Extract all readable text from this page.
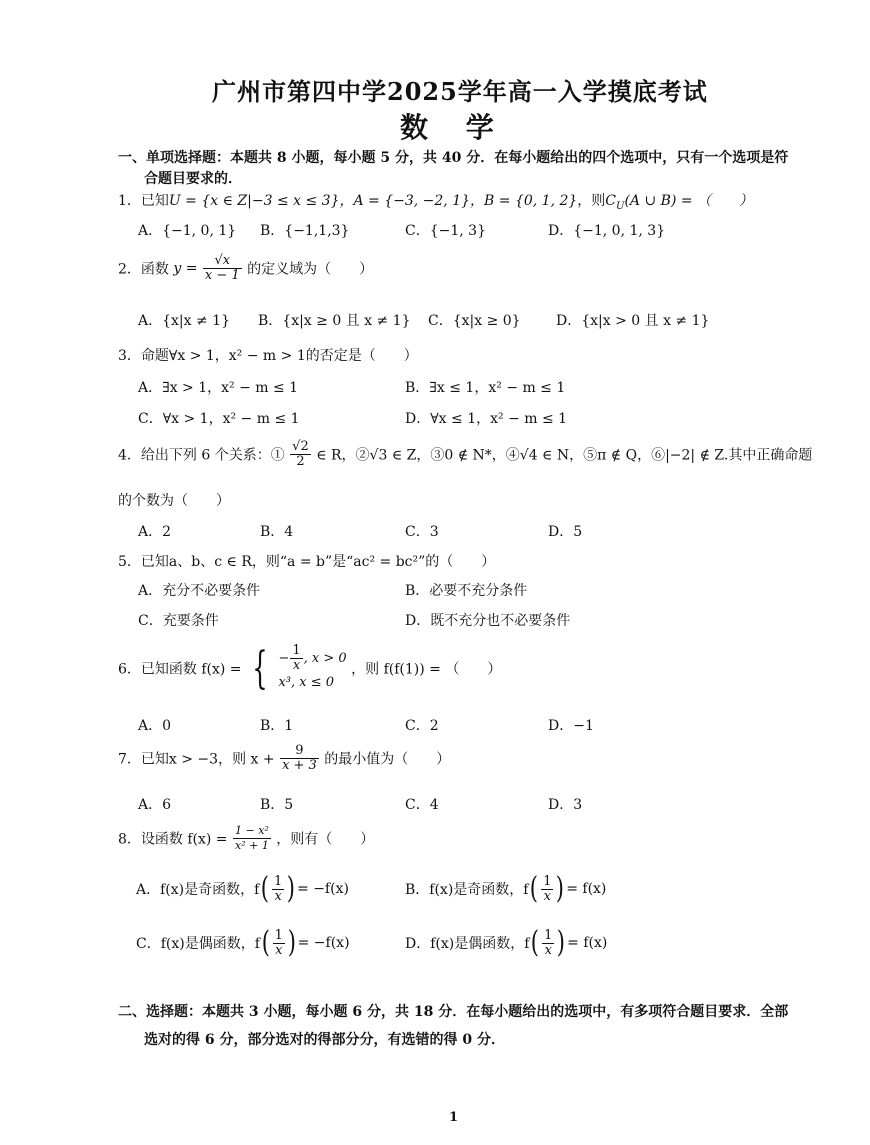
广州市第四中学2025学年高一入学摸底考试
数 学
一、单项选择题：本题共 8 小题，每小题 5 分，共 40 分．在每小题给出的四个选项中，只有一个选项是符
合题目要求的．
1．已知U = {x ∈ Z|−3 ≤ x ≤ 3}，A = {−3, −2, 1}，B = {0, 1, 2}，则$C_U(A$ ∪ B) = （　　）
A．{−1, 0, 1} B．{−1,1,3}	C．{−1, 3}	D．{−1, 0, 1, 3}
2．函数 $y = \frac{√x}{x - 1}$ 的定义域为（　　）
A．{x|x ≠ 1} B．{x|x ≥ 0 且 x ≠ 1} C．{x|x ≥ 0}	D．{x|x > 0 且 x ≠ 1}
3．命题∀x > 1，x² − m > 1的否定是（　　）
A．∃x > 1，x² − m ≤ 1	B．∃x ≤ 1，x² − m ≤ 1
C．∀x > 1，x² − m ≤ 1	D．∀x ≤ 1，x² − m ≤ 1
4．给出下列 6 个关系：① $\frac{√2}{2}$ ∈ R，②√3 ∈ Z，③0 ∉ N*，④√4 ∈ N，⑤π ∉ Q，⑥|−2| ∉ Z.其中正确命题
的个数为（　　）
A．2	B．4	C．3	D．5
5．已知a、b、c ∈ R，则“a = b”是“ac² = bc²”的（　　）
A．充分不必要条件	B．必要不充分条件
C．充要条件	D．既不充分也不必要条件
6．已知函数 f(x) = { − $\frac{1}{x}$ , x > 0
x³, x ≤ 0
，则 f(f(1)) = （　　）
A．0	B．1	C．2	D．−1
7．已知x > −3，则 $x + \frac{9}{x + 3}$ 的最小值为（　　）
A．6	B．5	C．4	D．3
8．设函数 $f(x) = \frac{\text{1 − x²}}{\text{x² + 1}}$ ，则有（　　）
A．f(x)是奇函数，$f( \frac{1}{x}$ ) = −f(x)	B．f(x)是奇函数，$f( \frac{1}{x}$ ) = f(x)
C．f(x)是偶函数，$f( \frac{1}{x}$ ) = −f(x)	D．f(x)是偶函数，$f( \frac{1}{x}$ ) = f(x)
二、选择题：本题共 3 小题，每小题 6 分，共 18 分．在每小题给出的选项中，有多项符合题目要求．全部
选对的得 6 分，部分选对的得部分分，有选错的得 0 分．
1
